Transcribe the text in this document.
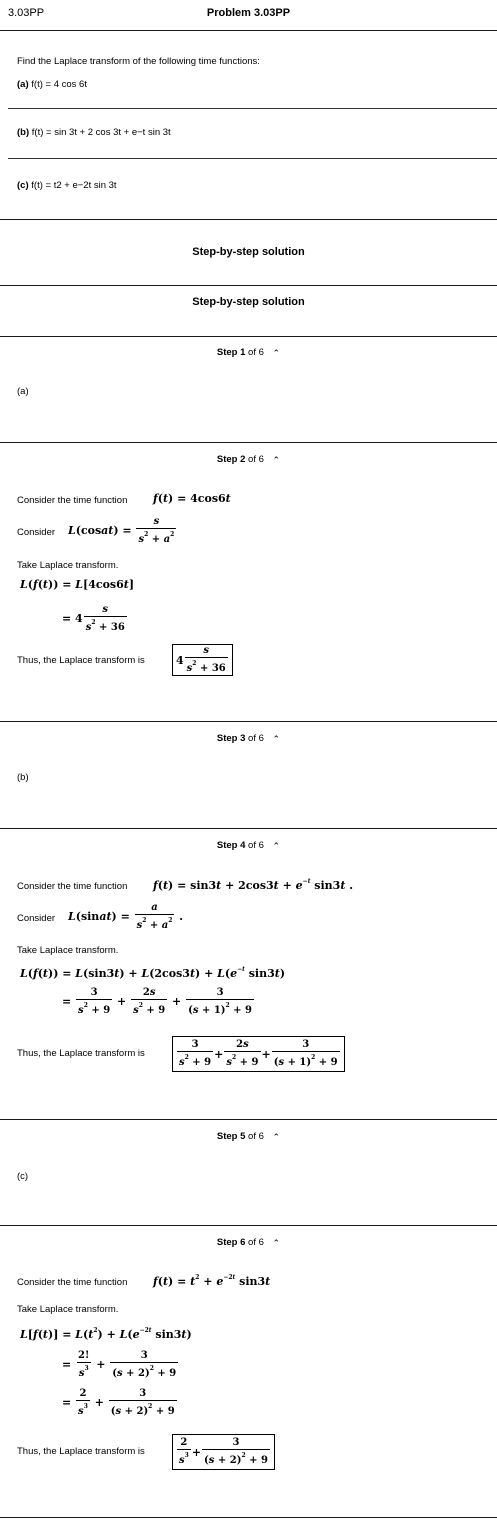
3.03PP	Problem 3.03PP
Find the Laplace transform of the following time functions:
(a) f(t) = 4 cos 6t
(b) f(t) = sin 3t + 2 cos 3t + e−t sin 3t
(c) f(t) = t2 + e−2t sin 3t
Step-by-step solution
Step-by-step solution
Step 1 of 6 ⌃
(a)
Step 2 of 6 ⌃
Consider the time function f(t) = 4cos6t
Consider L(cosat) = $\frac{s}{s^2 + a^2}$
Take Laplace transform.
L(f(t)) = L[4cos6t]
= $4 \frac{s}{s^2 + 36}$
Thus, the Laplace transform is	$4 \frac{s}{s^2 + 36}$
Step 3 of 6 ⌃
(b)
Step 4 of 6 ⌃
Consider the time function $f(t) = \sin 3t + 2\cos 3t + e^{-t}$ sin3t .
Consider L(sinat) = $\frac{a}{s^2 + a^2}$ .
Take Laplace transform.
$L(f(t)) = L(\sin 3t) + L(2\cos 3t) + L(e^{-t}$ sin3t)
= $\frac{3}{s^2 + 9} + \frac{2s}{s^2 + 9} + \frac{3}{(s + 1)^2 + 9}$
Thus, the Laplace transform is	$\frac{3}{s^2 + 9} + \frac{2s}{s^2 + 9} + \frac{3}{(s + 1)^2 + 9}$
Step 5 of 6 ⌃
(c)
Step 6 of 6 ⌃
Consider the time function $f(t) = t^2 + e^{-2t}$ sin3t
Take Laplace transform.
$L[f(t)] = L(t^2) + L(e^{-2t}$ sin3t)
= $\frac{2!}{s^3} + \frac{3}{(s + 2)^2 + 9}$
= $\frac{2}{s^3} + \frac{3}{(s + 2)^2 + 9}$
Thus, the Laplace transform is	$\frac{2}{s^3} + \frac{3}{(s + 2)^2 + 9}$
